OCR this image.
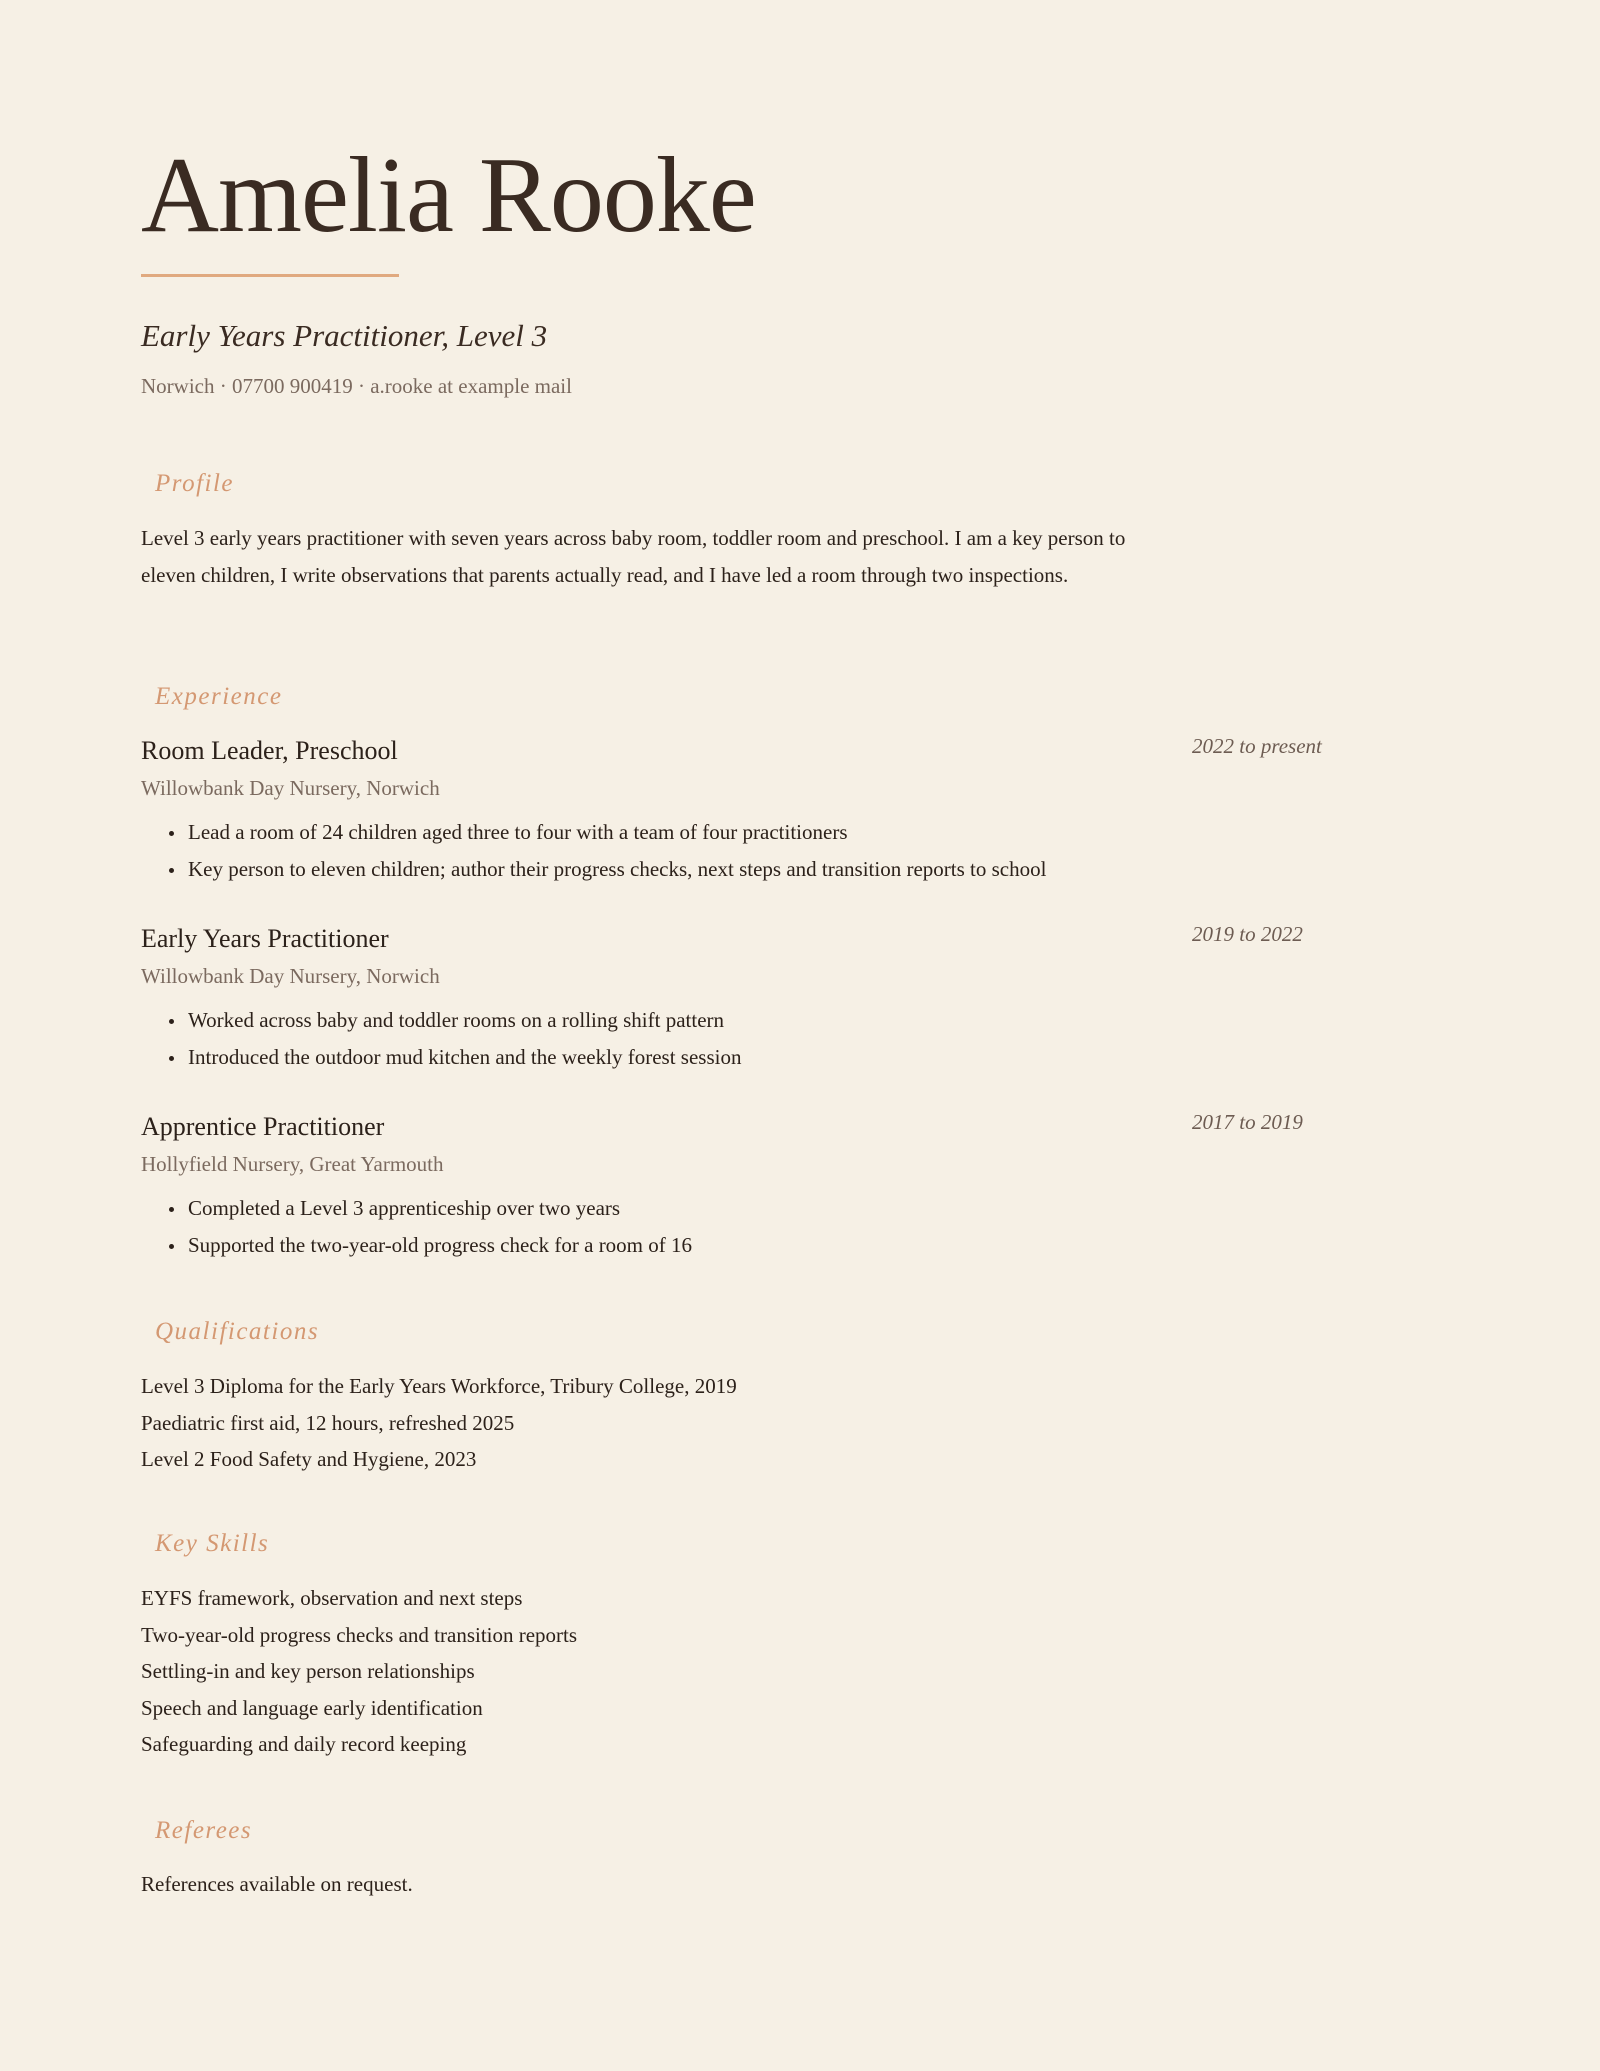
Amelia Rooke
Early Years Practitioner, Level 3
Norwich · 07700 900419 · a.rooke at example mail
Profile
Level 3 early years practitioner with seven years across baby room, toddler room and preschool. I am a key person to eleven children, I write observations that parents actually read, and I have led a room through two inspections.
Experience
Room Leader, Preschool	2022 to present
Willowbank Day Nursery, Norwich
Lead a room of 24 children aged three to four with a team of four practitioners
Key person to eleven children; author their progress checks, next steps and transition reports to school
Early Years Practitioner	2019 to 2022
Willowbank Day Nursery, Norwich
Worked across baby and toddler rooms on a rolling shift pattern
Introduced the outdoor mud kitchen and the weekly forest session
Apprentice Practitioner	2017 to 2019
Hollyfield Nursery, Great Yarmouth
Completed a Level 3 apprenticeship over two years
Supported the two-year-old progress check for a room of 16
Qualifications
Level 3 Diploma for the Early Years Workforce, Tribury College, 2019
Paediatric first aid, 12 hours, refreshed 2025
Level 2 Food Safety and Hygiene, 2023
Key Skills
EYFS framework, observation and next steps
Two-year-old progress checks and transition reports
Settling-in and key person relationships
Speech and language early identification
Safeguarding and daily record keeping
Referees
References available on request.
